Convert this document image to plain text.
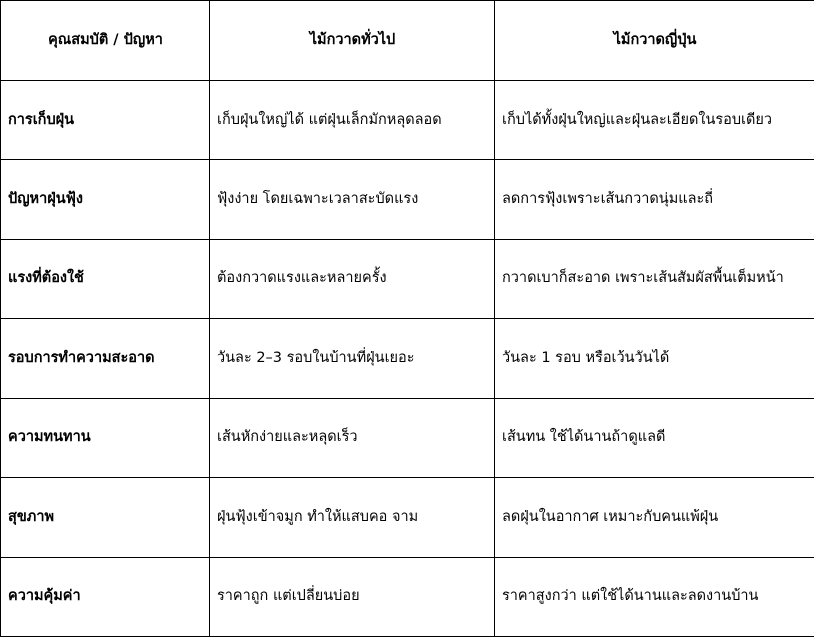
คุณสมบัติ / ปัญหา	ไม้กวาดทั่วไป	ไม้กวาดญี่ปุ่น
การเก็บฝุ่น	เก็บฝุ่นใหญ่ได้ แต่ฝุ่นเล็กมักหลุดลอด	เก็บได้ทั้งฝุ่นใหญ่และฝุ่นละเอียดในรอบเดียว
ปัญหาฝุ่นฟุ้ง	ฟุ้งง่าย โดยเฉพาะเวลาสะบัดแรง	ลดการฟุ้งเพราะเส้นกวาดนุ่มและถี่
แรงที่ต้องใช้	ต้องกวาดแรงและหลายครั้ง	กวาดเบาก็สะอาด เพราะเส้นสัมผัสพื้นเต็มหน้า
รอบการทำความสะอาด	วันละ 2–3 รอบในบ้านที่ฝุ่นเยอะ	วันละ 1 รอบ หรือเว้นวันได้
ความทนทาน	เส้นหักง่ายและหลุดเร็ว	เส้นทน ใช้ได้นานถ้าดูแลดี
สุขภาพ	ฝุ่นฟุ้งเข้าจมูก ทำให้แสบคอ จาม	ลดฝุ่นในอากาศ เหมาะกับคนแพ้ฝุ่น
ความคุ้มค่า	ราคาถูก แต่เปลี่ยนบ่อย	ราคาสูงกว่า แต่ใช้ได้นานและลดงานบ้าน
